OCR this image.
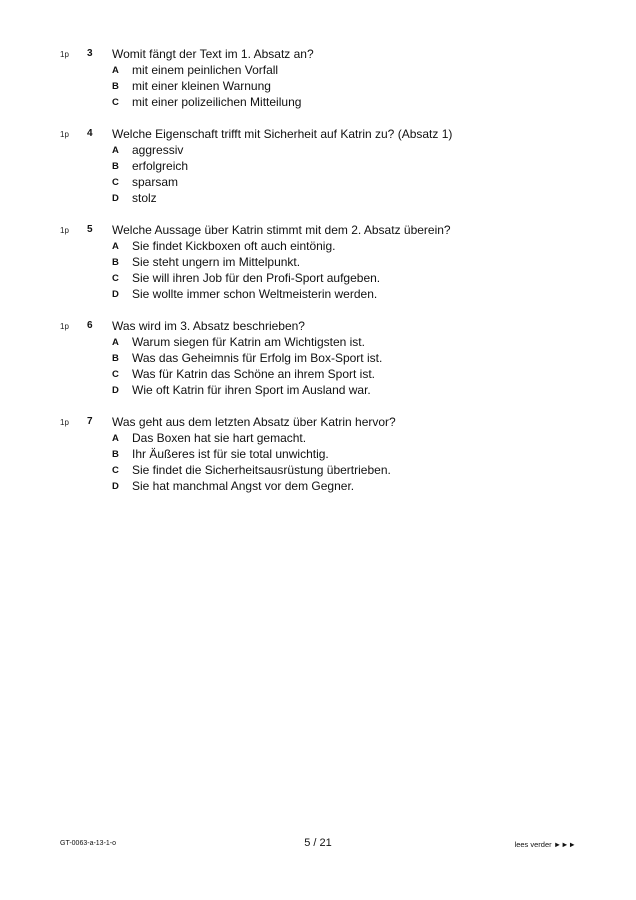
1p 3 Womit fängt der Text im 1. Absatz an?
A mit einem peinlichen Vorfall
B mit einer kleinen Warnung
C mit einer polizeilichen Mitteilung
1p 4 Welche Eigenschaft trifft mit Sicherheit auf Katrin zu? (Absatz 1)
A aggressiv
B erfolgreich
C sparsam
D stolz
1p 5 Welche Aussage über Katrin stimmt mit dem 2. Absatz überein?
A Sie findet Kickboxen oft auch eintönig.
B Sie steht ungern im Mittelpunkt.
C Sie will ihren Job für den Profi-Sport aufgeben.
D Sie wollte immer schon Weltmeisterin werden.
1p 6 Was wird im 3. Absatz beschrieben?
A Warum siegen für Katrin am Wichtigsten ist.
B Was das Geheimnis für Erfolg im Box-Sport ist.
C Was für Katrin das Schöne an ihrem Sport ist.
D Wie oft Katrin für ihren Sport im Ausland war.
1p 7 Was geht aus dem letzten Absatz über Katrin hervor?
A Das Boxen hat sie hart gemacht.
B Ihr Äußeres ist für sie total unwichtig.
C Sie findet die Sicherheitsausrüstung übertrieben.
D Sie hat manchmal Angst vor dem Gegner.
GT-0063-a-13-1-o	5 / 21	lees verder ►►►
